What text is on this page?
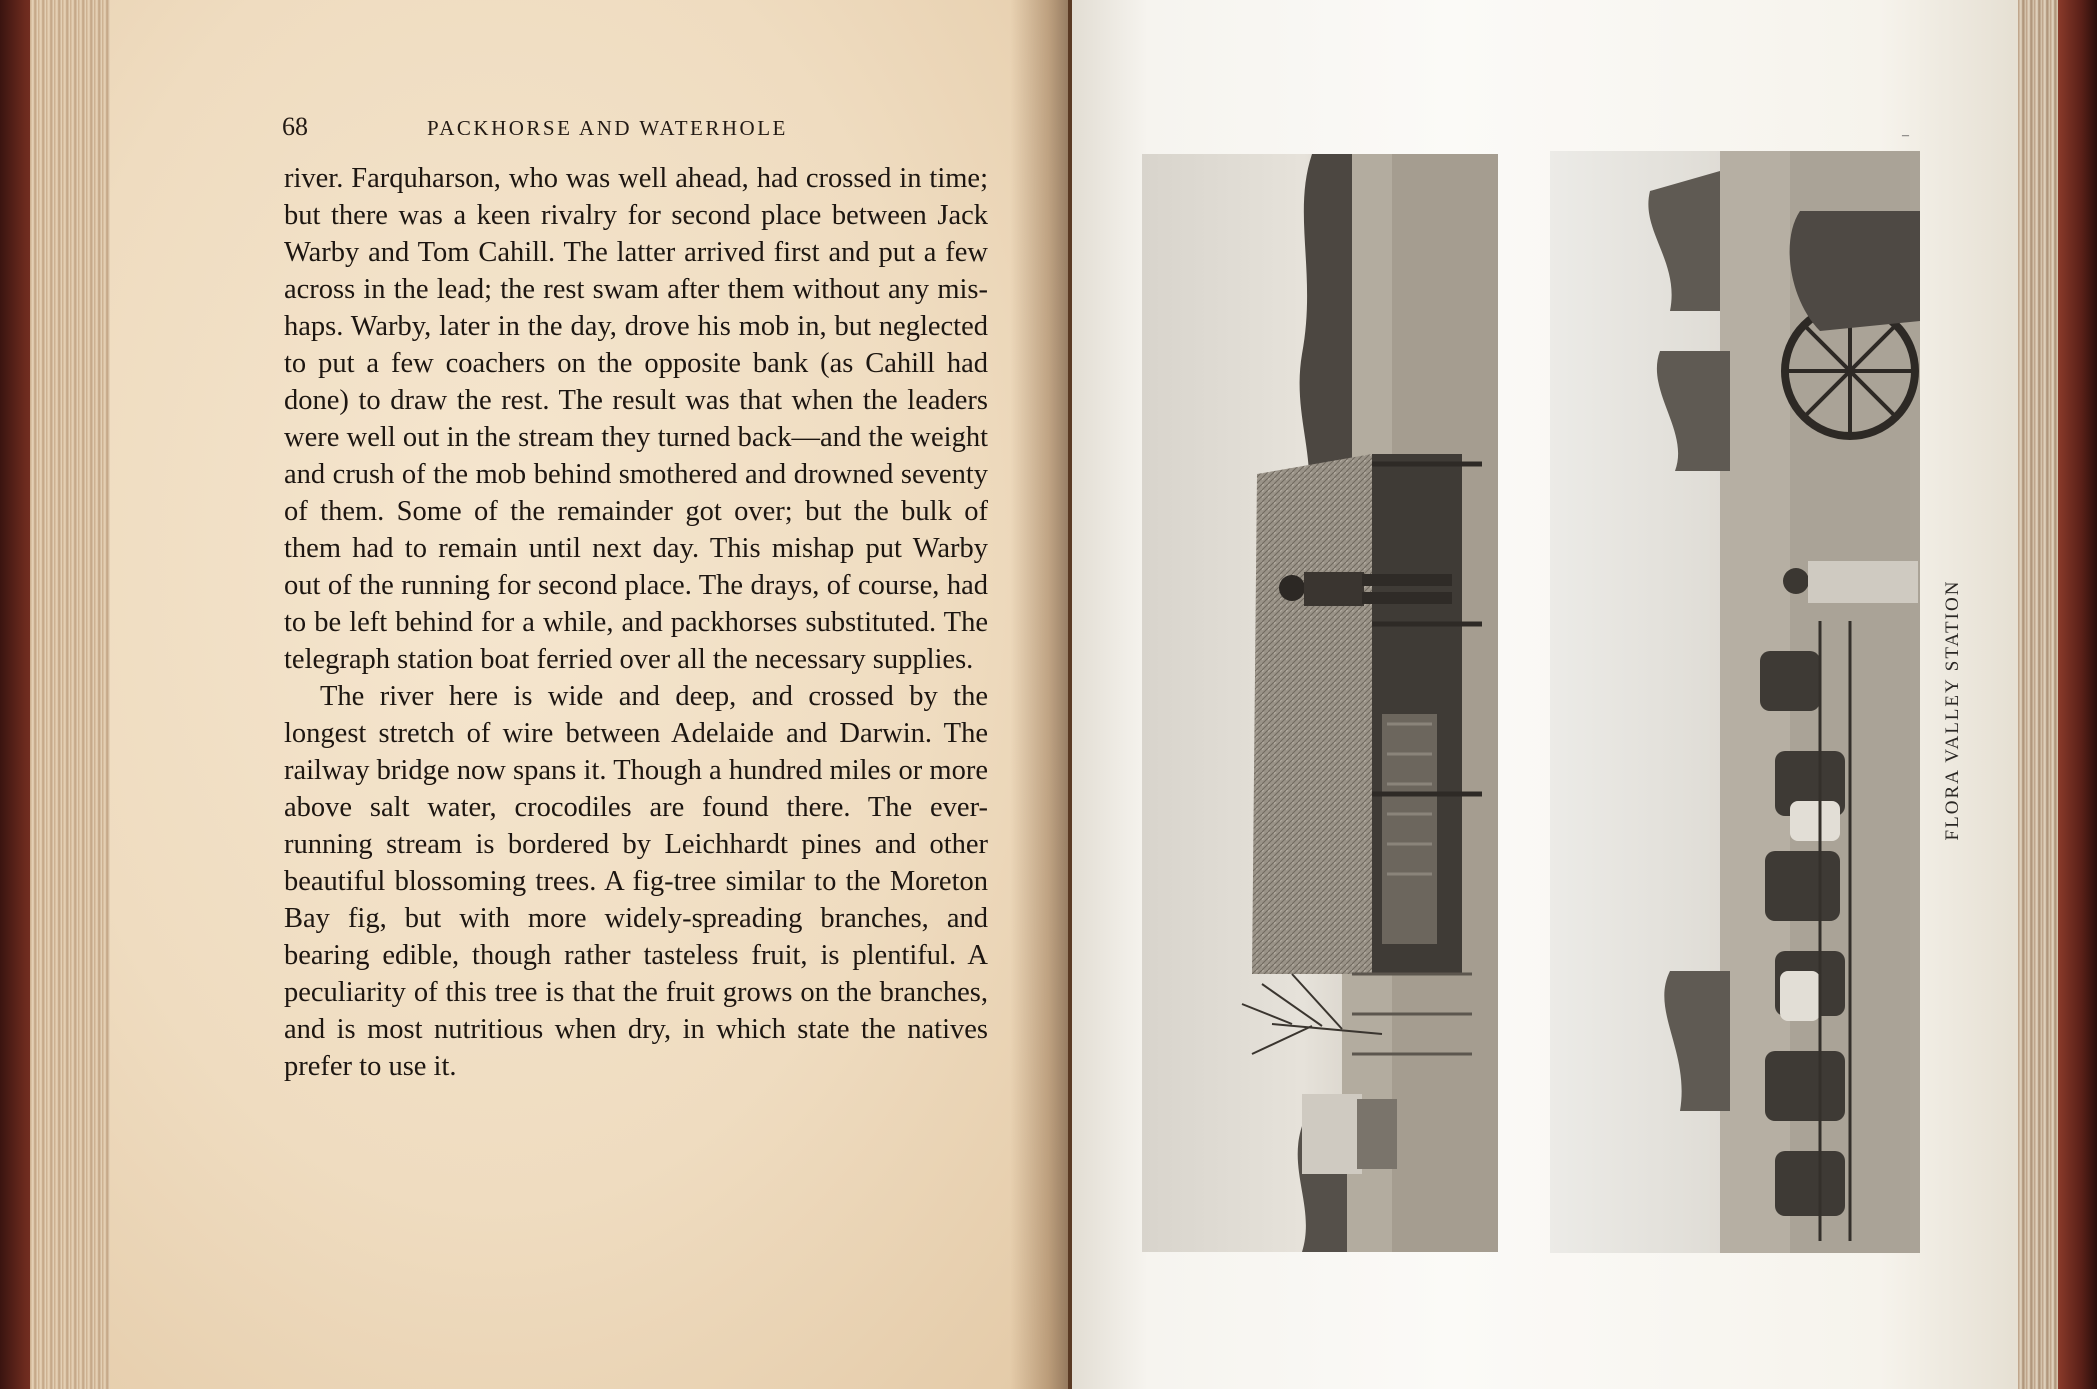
68	PACKHORSE AND WATERHOLE

river. Farquharson, who was well ahead, had crossed in time; but there was a keen rivalry for second place between Jack Warby and Tom Cahill. The latter arrived first and put a few across in the lead; the rest swam after them without any mis-haps. Warby, later in the day, drove his mob in, but neglected to put a few coachers on the opposite bank (as Cahill had done) to draw the rest. The result was that when the leaders were well out in the stream they turned back—and the weight and crush of the mob behind smothered and drowned seventy of them. Some of the remainder got over; but the bulk of them had to remain until next day. This mishap put Warby out of the running for second place. The drays, of course, had to be left behind for a while, and packhorses substituted. The telegraph station boat ferried over all the necessary supplies.

The river here is wide and deep, and crossed by the longest stretch of wire between Adelaide and Darwin. The railway bridge now spans it. Though a hundred miles or more above salt water, crocodiles are found there. The ever-running stream is bordered by Leichhardt pines and other beautiful blossoming trees. A fig-tree similar to the Moreton Bay fig, but with more widely-spreading branches, and bearing edible, though rather tasteless fruit, is plentiful. A peculiarity of this tree is that the fruit grows on the branches, and is most nutritious when dry, in which state the natives prefer to use it.

–
FLORA VALLEY STATION
